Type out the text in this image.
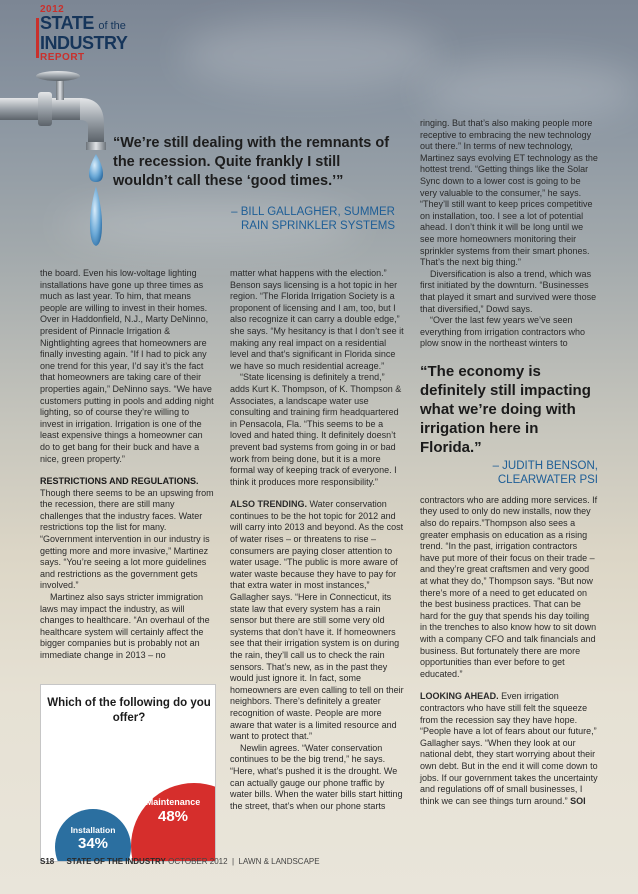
2012
STATE of the
INDUSTRY
REPORT
“We’re still dealing with the remnants of the recession. Quite frankly I still wouldn’t call these ‘good times.’”
– BILL GALLAGHER, SUMMER
RAIN SPRINKLER SYSTEMS

the board. Even his low-voltage lighting installations have gone up three times as much as last year. To him, that means people are willing to invest in their homes. Over in Haddonfield, N.J., Marty DeNinno, president of Pinnacle Irrigation & Nightlighting agrees that homeowners are finally investing again. “If I had to pick any one trend for this year, I’d say it’s the fact that homeowners are taking care of their properties again,” DeNinno says. “We have customers putting in pools and adding night lighting, so of course they’re willing to invest in irrigation. Irrigation is one of the least expensive things a homeowner can do to get bang for their buck and have a nice, green property.”

RESTRICTIONS AND REGULATIONS.

Though there seems to be an upswing from the recession, there are still many challenges that the industry faces. Water restrictions top the list for many. “Government intervention in our industry is getting more and more invasive,” Martinez says. “You’re seeing a lot more guidelines and restrictions as the government gets involved.”

Martinez also says stricter immigration laws may impact the industry, as will changes to healthcare. “An overhaul of the healthcare system will certainly affect the bigger companies but is probably not an immediate change in 2013 – no

matter what happens with the election.” Benson says licensing is a hot topic in her region. “The Florida Irrigation Society is a proponent of licensing and I am, too, but I also recognize it can carry a double edge,” she says. “My hesitancy is that I don’t see it making any real impact on a residential level and that’s significant in Florida since we have so much residential acreage.”

“State licensing is definitely a trend,” adds Kurt K. Thompson, of K. Thompson & Associates, a landscape water use consulting and training firm headquartered in Pensacola, Fla. “This seems to be a loved and hated thing. It definitely doesn’t prevent bad systems from going in or bad work from being done, but it is a more formal way of keeping track of everyone. I think it produces more responsibility.”

ALSO TRENDING. Water conservation continues to be the hot topic for 2012 and will carry into 2013 and beyond. As the cost of water rises – or threatens to rise – consumers are paying closer attention to water usage. “The public is more aware of water waste because they have to pay for that extra water in most instances,” Gallagher says. “Here in Connecticut, its state law that every system has a rain sensor but there are still some very old systems that don’t have it. If homeowners see that their irrigation system is on during the rain, they’ll call us to check the rain sensors. That’s new, as in the past they would just ignore it. In fact, some homeowners are even calling to tell on their neighbors. There’s definitely a greater recognition of waste. People are more aware that water is a limited resource and want to protect that.”

Newlin agrees. “Water conservation continues to be the big trend,” he says. “Here, what’s pushed it is the drought. We can actually gauge our phone traffic by water bills. When the water bills start hitting the street, that’s when our phone starts

ringing. But that’s also making people more receptive to embracing the new technology out there.” In terms of new technology, Martinez says evolving ET technology as the hottest trend. “Getting things like the Solar Sync down to a lower cost is going to be very valuable to the consumer,” he says. “They’ll still want to keep prices competitive on installation, too. I see a lot of potential ahead. I don’t think it will be long until we see more homeowners monitoring their sprinkler systems from their smart phones. That’s the next big thing.”

Diversification is also a trend, which was first initiated by the downturn. “Businesses that played it smart and survived were those that diversified,” Dowd says.

“Over the last few years we’ve seen everything from irrigation contractors who plow snow in the northeast winters to

“The economy is definitely still impacting what we’re doing with irrigation here in Florida.”
– JUDITH BENSON,
CLEARWATER PSI

contractors who are adding more services. If they used to only do new installs, now they also do repairs.”Thompson also sees a greater emphasis on education as a rising trend. “In the past, irrigation contractors have put more of their focus on their trade – and they’re great craftsmen and very good at what they do,” Thompson says. “But now there’s more of a need to get educated on the best business practices. That can be hard for the guy that spends his day toiling in the trenches to also know how to sit down with a company CFO and talk financials and business. But fortunately there are more opportunities than ever before to get educated.”

LOOKING AHEAD. Even irrigation contractors who have still felt the squeeze from the recession say they have hope. “People have a lot of fears about our future,” Gallagher says. “When they look at our national debt, they start worrying about their own debt. But in the end it will come down to jobs. If our government takes the uncertainty and regulations off of small businesses, I think we can see things turn around.” SOI

Which of the following do you offer?
Maintenance
48%
Installation
34%
S18 STATE OF THE INDUSTRY OCTOBER 2012  |  LAWN & LANDSCAPE
